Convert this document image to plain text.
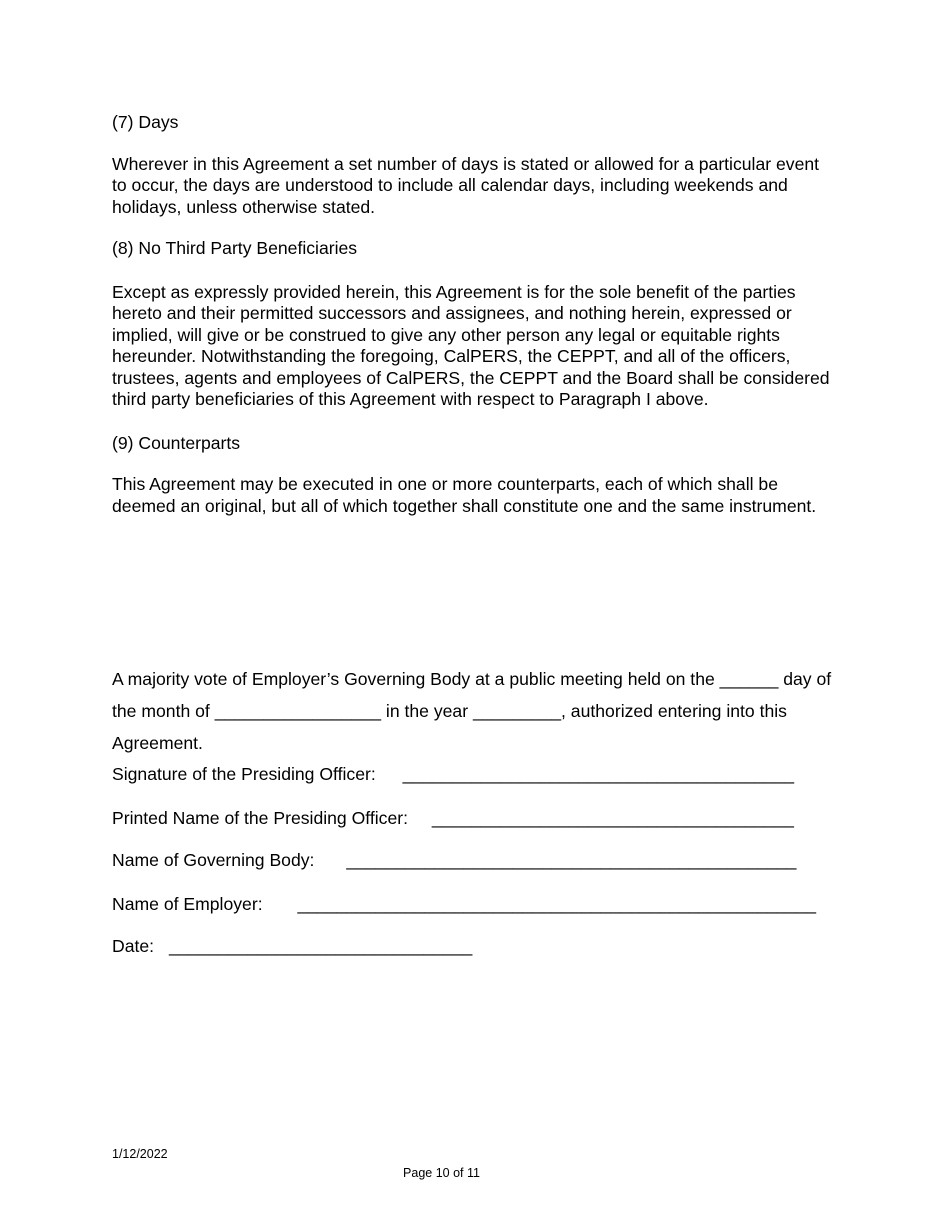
(7) Days

Wherever in this Agreement a set number of days is stated or allowed for a particular event to occur, the days are understood to include all calendar days, including weekends and holidays, unless otherwise stated.

(8) No Third Party Beneficiaries

Except as expressly provided herein, this Agreement is for the sole benefit of the parties hereto and their permitted successors and assignees, and nothing herein, expressed or implied, will give or be construed to give any other person any legal or equitable rights hereunder. Notwithstanding the foregoing, CalPERS, the CEPPT, and all of the officers, trustees, agents and employees of CalPERS, the CEPPT and the Board shall be considered third party beneficiaries of this Agreement with respect to Paragraph I above.

(9) Counterparts

This Agreement may be executed in one or more counterparts, each of which shall be deemed an original, but all of which together shall constitute one and the same instrument.

A majority vote of Employer’s Governing Body at a public meeting held on the ______ day of the month of _________________ in the year _________, authorized entering into this Agreement.

Signature of the Presiding Officer: ________________________________________
Printed Name of the Presiding Officer: _____________________________________
Name of Governing Body: ______________________________________________
Name of Employer: _____________________________________________________
Date: _______________________________
1/12/2022
Page 10 of 11
